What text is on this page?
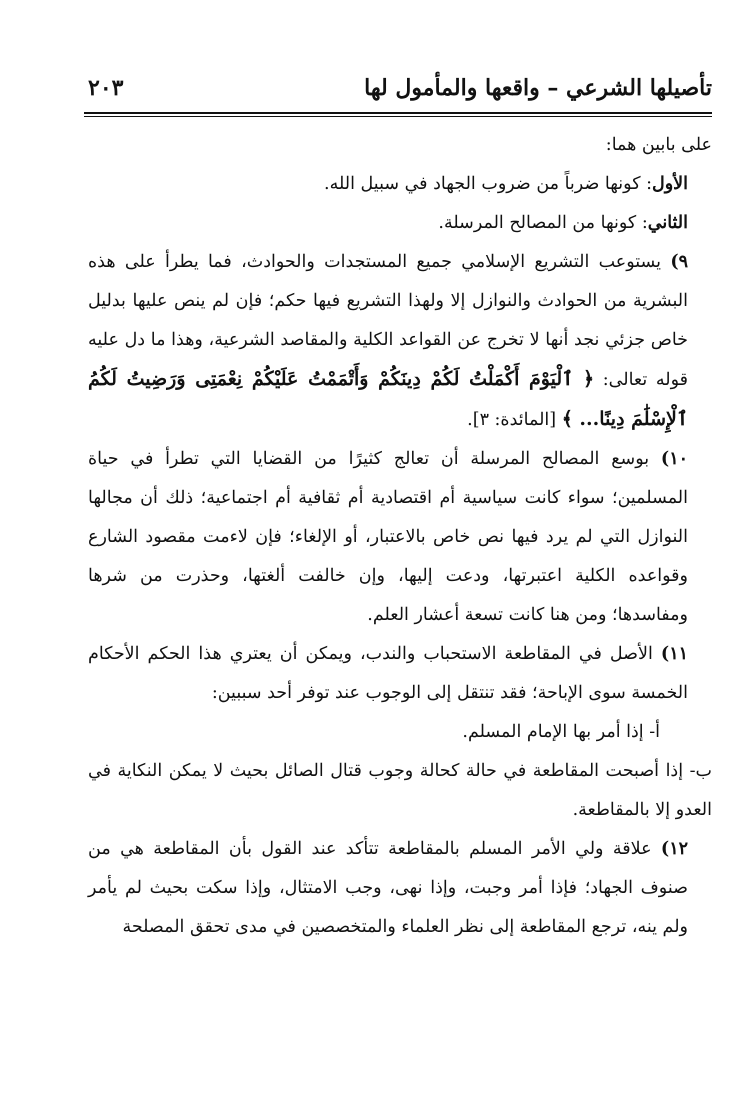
تأصيلها الشرعي – واقعها والمأمول لها
٢٠٣

على بابين هما:

الأول: كونها ضرباً من ضروب الجهاد في سبيل الله.

الثاني: كونها من المصالح المرسلة.

٩) يستوعب التشريع الإسلامي جميع المستجدات والحوادث، فما يطرأ على هذه البشرية من الحوادث والنوازل إلا ولهذا التشريع فيها حكم؛ فإن لم ينص عليها بدليل خاص جزئي نجد أنها لا تخرج عن القواعد الكلية والمقاصد الشرعية، وهذا ما دل عليه قوله تعالى: ﴿ ٱلْيَوْمَ أَكْمَلْتُ لَكُمْ دِينَكُمْ وَأَتْمَمْتُ عَلَيْكُمْ نِعْمَتِى وَرَضِيتُ لَكُمُ ٱلْإِسْلَٰمَ دِينًا... ﴾ [المائدة: ٣].

١٠) بوسع المصالح المرسلة أن تعالج كثيرًا من القضايا التي تطرأ في حياة المسلمين؛ سواء كانت سياسية أم اقتصادية أم ثقافية أم اجتماعية؛ ذلك أن مجالها النوازل التي لم يرد فيها نص خاص بالاعتبار، أو الإلغاء؛ فإن لاءمت مقصود الشارع وقواعده الكلية اعتبرتها، ودعت إليها، وإن خالفت ألغتها، وحذرت من شرها ومفاسدها؛ ومن هنا كانت تسعة أعشار العلم.

١١) الأصل في المقاطعة الاستحباب والندب، ويمكن أن يعتري هذا الحكم الأحكام الخمسة سوى الإباحة؛ فقد تنتقل إلى الوجوب عند توفر أحد سببين:

أ- إذا أمر بها الإمام المسلم.

ب- إذا أصبحت المقاطعة في حالة كحالة وجوب قتال الصائل بحيث لا يمكن النكاية في العدو إلا بالمقاطعة.

١٢) علاقة ولي الأمر المسلم بالمقاطعة تتأكد عند القول بأن المقاطعة هي من صنوف الجهاد؛ فإذا أمر وجبت، وإذا نهى، وجب الامتثال، وإذا سكت بحيث لم يأمر ولم ينه، ترجع المقاطعة إلى نظر العلماء والمتخصصين في مدى تحقق المصلحة
